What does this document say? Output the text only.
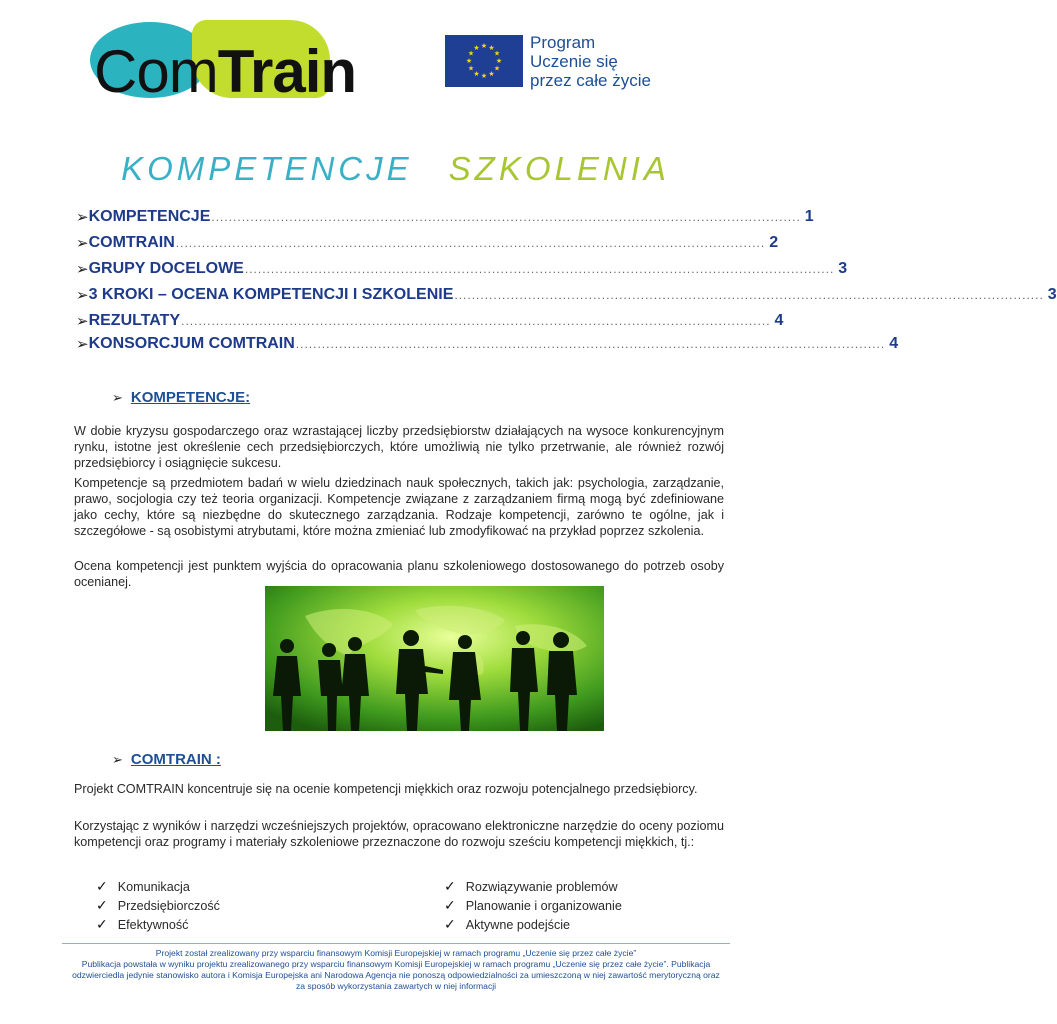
ComTrain	★ ★
★
★
★
★
★
★
★
★
★
★	Program
Uczenie się
przez całe życie
KOMPETENCJE SZKOLENIA
➢ KOMPETENCJE ........................................................................................................................................ 1
➢ COMTRAIN ........................................................................................................................................ 2
➢ GRUPY DOCELOWE ........................................................................................................................................ 3
➢ 3 KROKI – OCENA KOMPETENCJI I SZKOLENIE ........................................................................................................................................ 3
➢ REZULTATY ........................................................................................................................................ 4
➢ KONSORCJUM COMTRAIN ........................................................................................................................................ 4
➢ KOMPETENCJE:
W dobie kryzysu gospodarczego oraz wzrastającej liczby przedsiębiorstw działających na wysoce konkurencyjnym rynku, istotne jest określenie cech przedsiębiorczych, które umożliwią nie tylko przetrwanie, ale również rozwój przedsiębiorcy i osiągnięcie sukcesu.
Kompetencje są przedmiotem badań w wielu dziedzinach nauk społecznych, takich jak: psychologia, zarządzanie, prawo, socjologia czy też teoria organizacji. Kompetencje związane z zarządzaniem firmą mogą być zdefiniowane jako cechy, które są niezbędne do skutecznego zarządzania. Rodzaje kompetencji, zarówno te ogólne, jak i szczegółowe - są osobistymi atrybutami, które można zmieniać lub zmodyfikować na przykład poprzez szkolenia.
Ocena kompetencji jest punktem wyjścia do opracowania planu szkoleniowego dostosowanego do potrzeb osoby ocenianej.
➢ COMTRAIN :
Projekt COMTRAIN koncentruje się na ocenie kompetencji miękkich oraz rozwoju potencjalnego przedsiębiorcy.
Korzystając z wyników i narzędzi wcześniejszych projektów, opracowano elektroniczne narzędzie do oceny poziomu kompetencji oraz programy i materiały szkoleniowe przeznaczone do rozwoju sześciu kompetencji miękkich, tj.:
✓ Komunikacja
✓ Przedsiębiorczość
✓ Efektywność
✓ Rozwiązywanie problemów
✓ Planowanie i organizowanie
✓ Aktywne podejście
Projekt został zrealizowany przy wsparciu finansowym Komisji Europejskiej w ramach programu „Uczenie się przez całe życie”
Publikacja powstała w wyniku projektu zrealizowanego przy wsparciu finansowym Komisji Europejskiej w ramach programu „Uczenie się przez całe życie”. Publikacja odzwierciedla jedynie stanowisko autora i Komisja Europejska ani Narodowa Agencja nie ponoszą odpowiedzialności za umieszczoną w niej zawartość merytoryczną oraz za sposób wykorzystania zawartych w niej informacji
